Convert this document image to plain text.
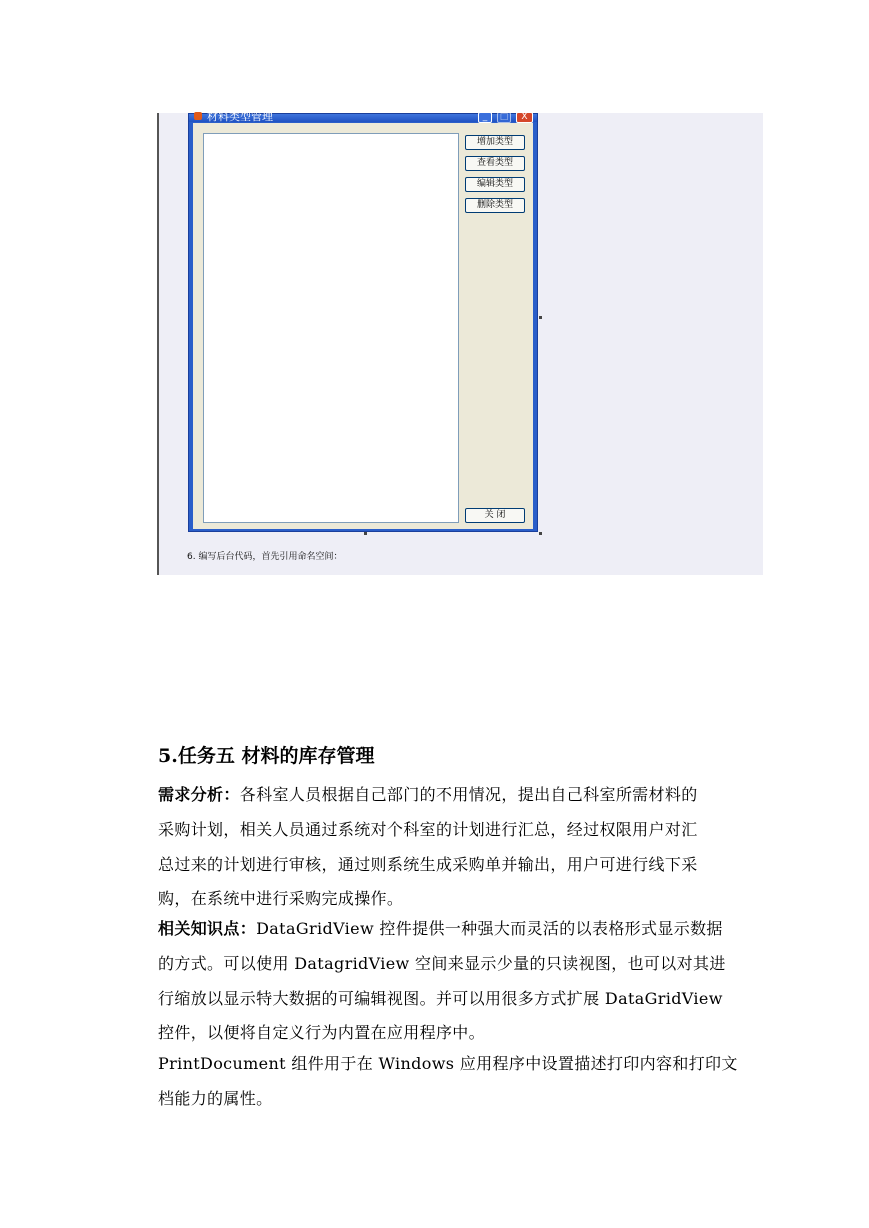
材料类型管理	_	□	X
增加类型
查看类型
编辑类型
删除类型
关 闭
6. 编写后台代码，首先引用命名空间：
5.任务五 材料的库存管理
需求分析：各科室人员根据自己部门的不用情况，提出自己科室所需材料的
采购计划，相关人员通过系统对个科室的计划进行汇总，经过权限用户对汇
总过来的计划进行审核，通过则系统生成采购单并输出，用户可进行线下采
购，在系统中进行采购完成操作。
相关知识点：DataGridView 控件提供一种强大而灵活的以表格形式显示数据
的方式。可以使用 DatagridView 空间来显示少量的只读视图，也可以对其进
行缩放以显示特大数据的可编辑视图。并可以用很多方式扩展 DataGridView
控件，以便将自定义行为内置在应用程序中。
PrintDocument 组件用于在 Windows 应用程序中设置描述打印内容和打印文
档能力的属性。
